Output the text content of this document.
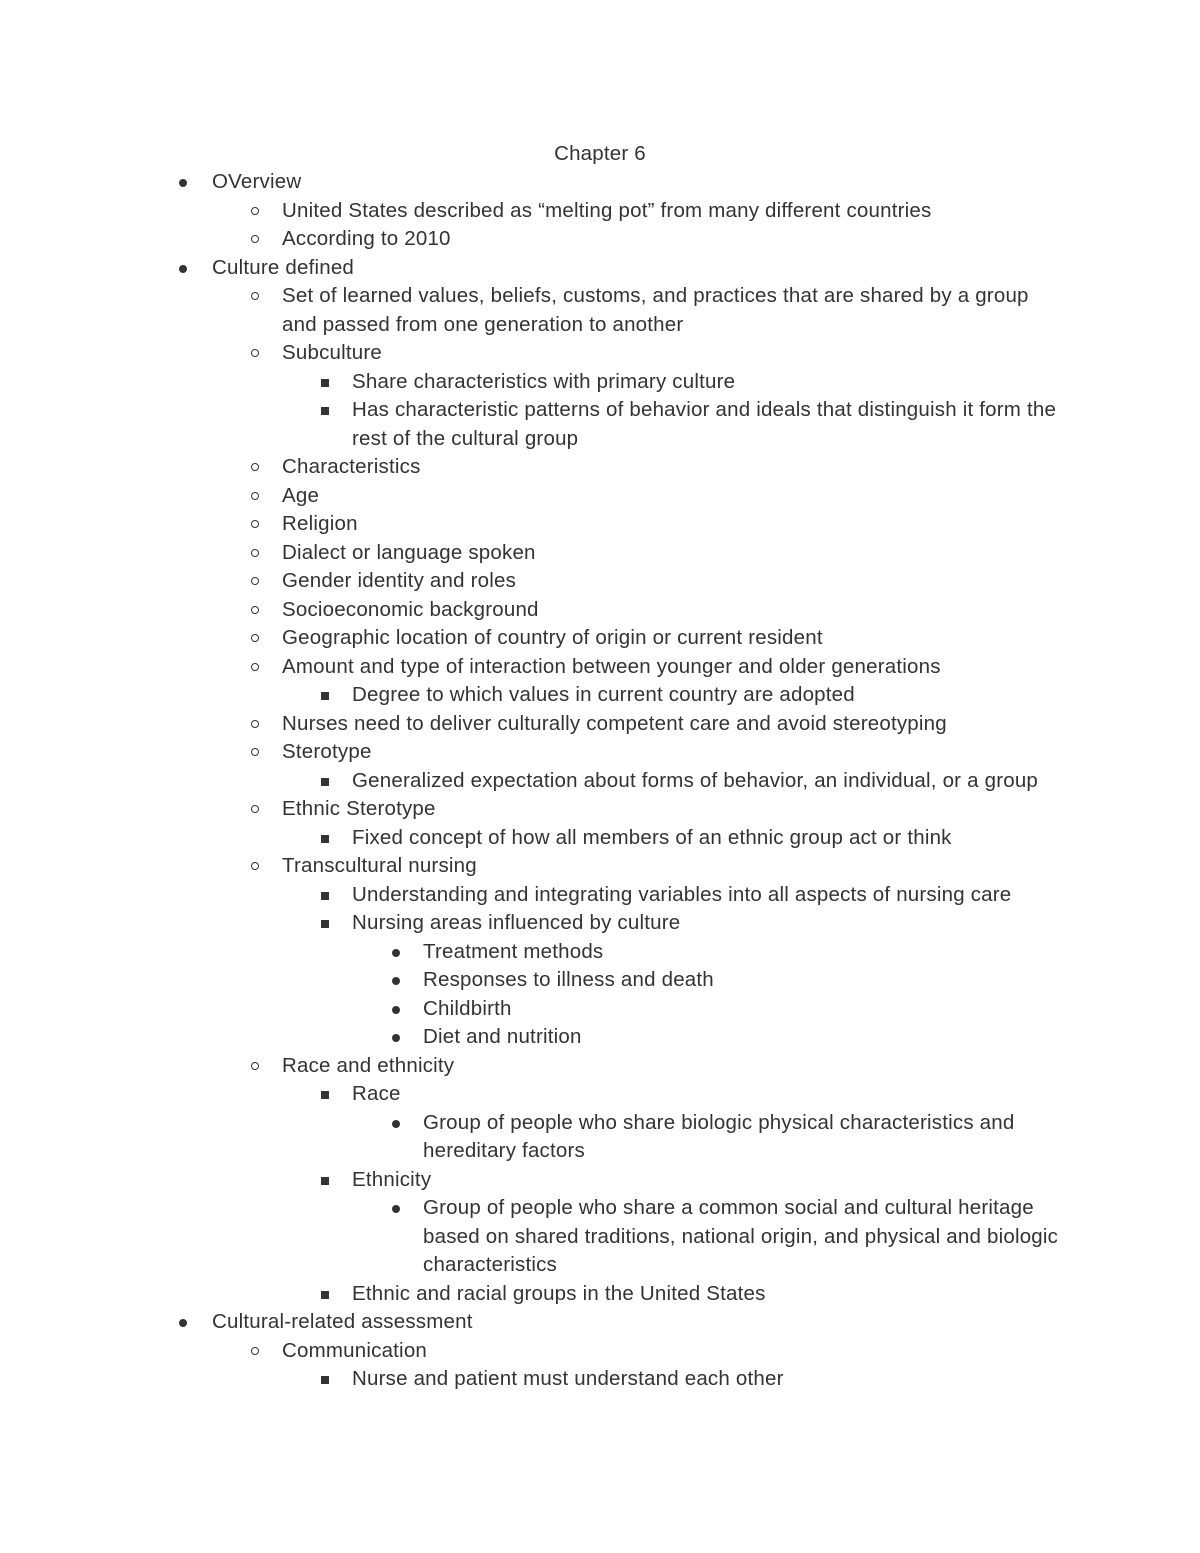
Chapter 6
OVerview
United States described as “melting pot” from many different countries
According to 2010
Culture defined
Set of learned values, beliefs, customs, and practices that are shared by a group and passed from one generation to another
Subculture
Share characteristics with primary culture
Has characteristic patterns of behavior and ideals that distinguish it form the rest of the cultural group
Characteristics
Age
Religion
Dialect or language spoken
Gender identity and roles
Socioeconomic background
Geographic location of country of origin or current resident
Amount and type of interaction between younger and older generations
Degree to which values in current country are adopted
Nurses need to deliver culturally competent care and avoid stereotyping
Sterotype
Generalized expectation about forms of behavior, an individual, or a group
Ethnic Sterotype
Fixed concept of how all members of an ethnic group act or think
Transcultural nursing
Understanding and integrating variables into all aspects of nursing care
Nursing areas influenced by culture
Treatment methods
Responses to illness and death
Childbirth
Diet and nutrition
Race and ethnicity
Race
Group of people who share biologic physical characteristics and hereditary factors
Ethnicity
Group of people who share a common social and cultural heritage based on shared traditions, national origin, and physical and biologic characteristics
Ethnic and racial groups in the United States
Cultural-related assessment
Communication
Nurse and patient must understand each other
